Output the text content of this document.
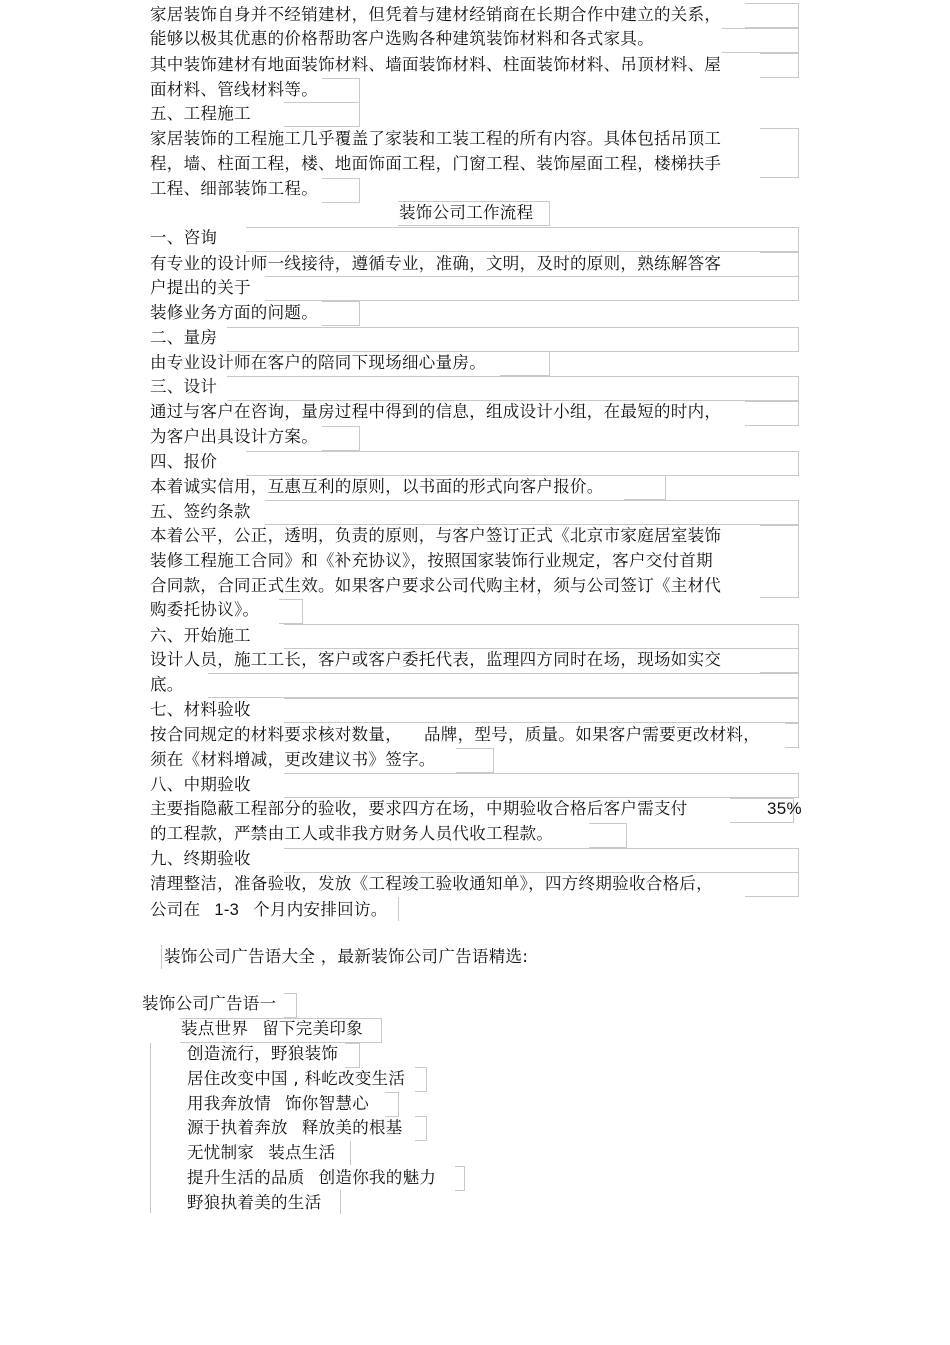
家居装饰自身并不经销建材，但凭着与建材经销商在长期合作中建立的关系，
能够以极其优惠的价格帮助客户选购各种建筑装饰材料和各式家具。
其中装饰建材有地面装饰材料、墙面装饰材料、柱面装饰材料、吊顶材料、屋
面材料、管线材料等。
五、工程施工
家居装饰的工程施工几乎覆盖了家装和工装工程的所有内容。具体包括吊顶工
程，墙、柱面工程，楼、地面饰面工程，门窗工程、装饰屋面工程，楼梯扶手
工程、细部装饰工程。
装饰公司工作流程
一、咨询
有专业的设计师一线接待，遵循专业，准确，文明，及时的原则，熟练解答客
户提出的关于
装修业务方面的问题。
二、量房
由专业设计师在客户的陪同下现场细心量房。
三、设计
通过与客户在咨询，量房过程中得到的信息，组成设计小组，在最短的时内，
为客户出具设计方案。
四、报价
本着诚实信用，互惠互利的原则，以书面的形式向客户报价。
五、签约条款
本着公平，公正，透明，负责的原则，与客户签订正式《北京市家庭居室装饰
装修工程施工合同》和《补充协议》，按照国家装饰行业规定，客户交付首期
合同款，合同正式生效。如果客户要求公司代购主材，须与公司签订《主材代
购委托协议》。
六、开始施工
设计人员，施工工长，客户或客户委托代表，监理四方同时在场，现场如实交
底。
七、材料验收
按合同规定的材料要求核对数量， 品牌，型号，质量。如果客户需要更改材料，
须在《材料增减，更改建议书》签字。
八、中期验收
主要指隐蔽工程部分的验收，要求四方在场，中期验收合格后客户需支付	35%
的工程款，严禁由工人或非我方财务人员代收工程款。
九、终期验收
清理整洁，准备验收，发放《工程竣工验收通知单》，四方终期验收合格后，
公司在 1-3 个月内安排回访。
装饰公司广告语大全 ，最新装饰公司广告语精选:
装饰公司广告语一
装点世界 留下完美印象
创造流行，野狼装饰
居住改变中国 , 科屹改变生活
用我奔放情 饰你智慧心
源于执着奔放 释放美的根基
无忧制家 装点生活
提升生活的品质 创造你我的魅力
野狼执着美的生活
